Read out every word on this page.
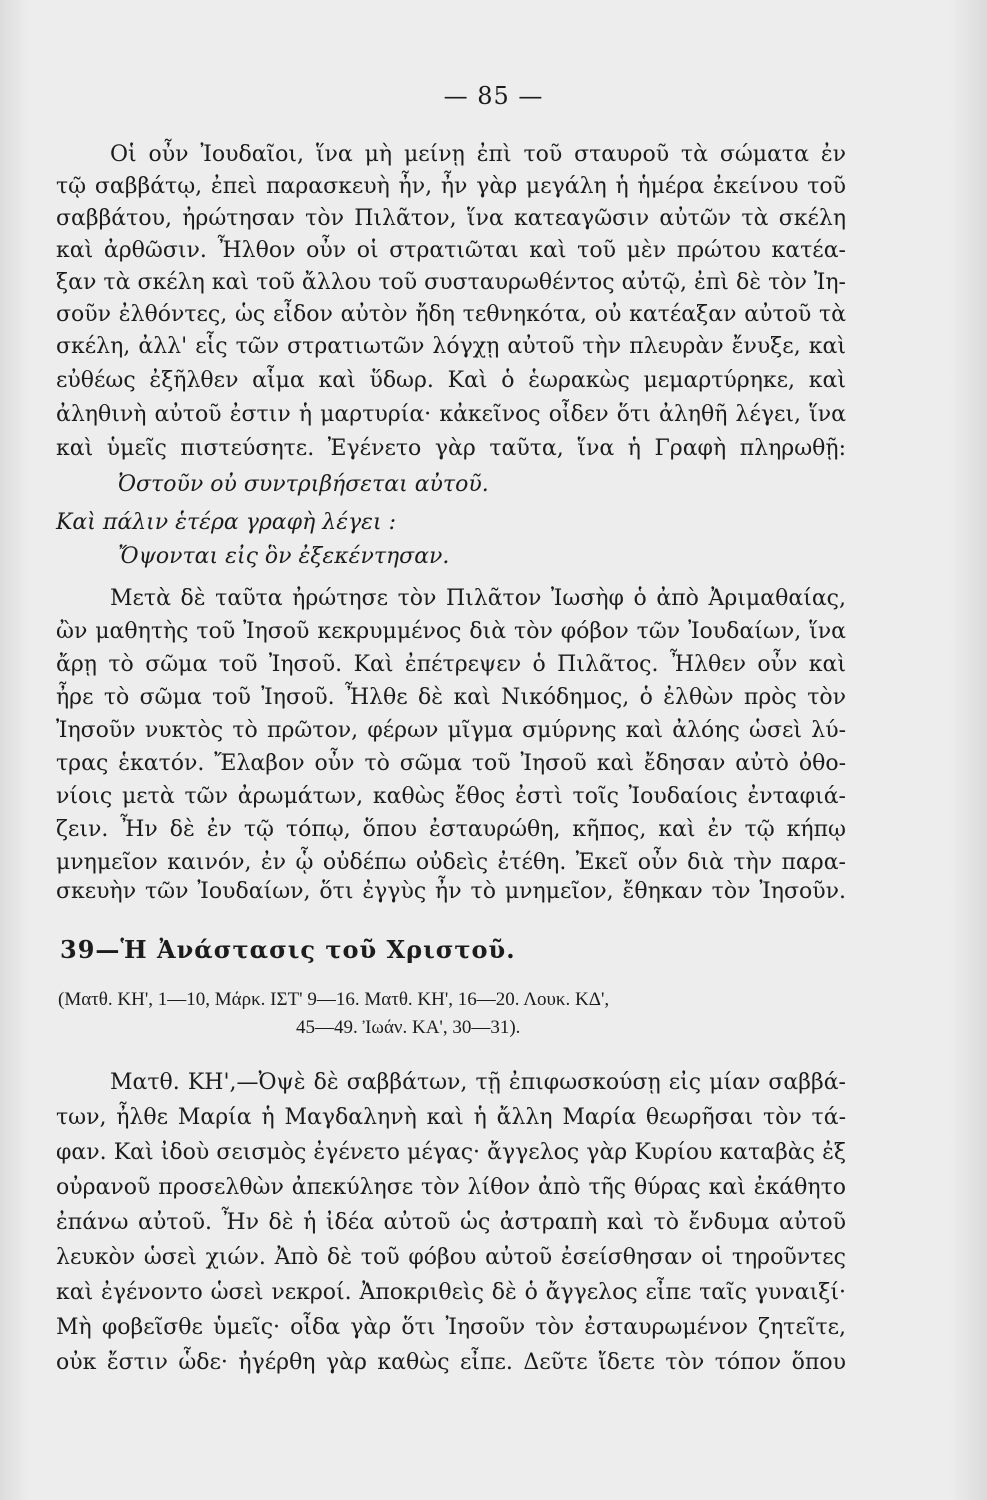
— 85 —
Οἱ οὖν Ἰουδαῖοι, ἵνα μὴ μείνῃ ἐπὶ τοῦ σταυροῦ τὰ σώματα ἐν
τῷ σαββάτῳ, ἐπεὶ παρασκευὴ ἦν, ἦν γὰρ μεγάλη ἡ ἡμέρα ἐκείνου τοῦ
σαββάτου, ἠρώτησαν τὸν Πιλᾶτον, ἵνα κατεαγῶσιν αὐτῶν τὰ σκέλη
καὶ ἀρθῶσιν. Ἦλθον οὖν οἱ στρατιῶται καὶ τοῦ μὲν πρώτου κατέα-
ξαν τὰ σκέλη καὶ τοῦ ἄλλου τοῦ συσταυρωθέντος αὐτῷ, ἐπὶ δὲ τὸν Ἰη-
σοῦν ἐλθόντες, ὡς εἶδον αὐτὸν ἤδη τεθνηκότα, οὐ κατέαξαν αὐτοῦ τὰ
σκέλη, ἀλλ' εἷς τῶν στρατιωτῶν λόγχῃ αὐτοῦ τὴν πλευρὰν ἔνυξε, καὶ
εὐθέως ἐξῆλθεν αἷμα καὶ ὕδωρ. Καὶ ὁ ἑωρακὼς μεμαρτύρηκε, καὶ
ἀληθινὴ αὐτοῦ ἐστιν ἡ μαρτυρία· κἀκεῖνος οἶδεν ὅτι ἀληθῆ λέγει, ἵνα
καὶ ὑμεῖς πιστεύσητε. Ἐγένετο γὰρ ταῦτα, ἵνα ἡ Γραφὴ πληρωθῇ:
Ὀστοῦν οὐ συντριβήσεται αὐτοῦ.
Καὶ πάλιν ἑτέρα γραφὴ λέγει :
Ὄψονται εἰς ὃν ἐξεκέντησαν.
Μετὰ δὲ ταῦτα ἠρώτησε τὸν Πιλᾶτον Ἰωσὴφ ὁ ἀπὸ Ἀριμαθαίας,
ὢν μαθητὴς τοῦ Ἰησοῦ κεκρυμμένος διὰ τὸν φόβον τῶν Ἰουδαίων, ἵνα
ἄρῃ τὸ σῶμα τοῦ Ἰησοῦ. Καὶ ἐπέτρεψεν ὁ Πιλᾶτος. Ἦλθεν οὖν καὶ
ἦρε τὸ σῶμα τοῦ Ἰησοῦ. Ἦλθε δὲ καὶ Νικόδημος, ὁ ἐλθὼν πρὸς τὸν
Ἰησοῦν νυκτὸς τὸ πρῶτον, φέρων μῖγμα σμύρνης καὶ ἀλόης ὡσεὶ λύ-
τρας ἑκατόν. Ἔλαβον οὖν τὸ σῶμα τοῦ Ἰησοῦ καὶ ἔδησαν αὐτὸ ὀθο-
νίοις μετὰ τῶν ἀρωμάτων, καθὼς ἔθος ἐστὶ τοῖς Ἰουδαίοις ἐνταφιά-
ζειν. Ἦν δὲ ἐν τῷ τόπῳ, ὅπου ἐσταυρώθη, κῆπος, καὶ ἐν τῷ κήπῳ
μνημεῖον καινόν, ἐν ᾧ οὐδέπω οὐδεὶς ἐτέθη. Ἐκεῖ οὖν διὰ τὴν παρα-
σκευὴν τῶν Ἰουδαίων, ὅτι ἐγγὺς ἦν τὸ μνημεῖον, ἔθηκαν τὸν Ἰησοῦν.
39—Ἡ Ἀνάστασις τοῦ Χριστοῦ.
(Ματθ. ΚΗ', 1—10, Μάρκ. ΙΣΤ' 9—16. Ματθ. ΚΗ', 16—20. Λουκ. ΚΔ',
45—49. Ἰωάν. ΚΑ', 30—31).
Ματθ. ΚΗ',—Ὀψὲ δὲ σαββάτων, τῇ ἐπιφωσκούσῃ εἰς μίαν σαββά-
των, ἦλθε Μαρία ἡ Μαγδαληνὴ καὶ ἡ ἄλλη Μαρία θεωρῆσαι τὸν τά-
φαν. Καὶ ἰδοὺ σεισμὸς ἐγένετο μέγας· ἄγγελος γὰρ Κυρίου καταβὰς ἐξ
οὐρανοῦ προσελθὼν ἀπεκύλησε τὸν λίθον ἀπὸ τῆς θύρας καὶ ἐκάθητο
ἐπάνω αὐτοῦ. Ἦν δὲ ἡ ἰδέα αὐτοῦ ὡς ἀστραπὴ καὶ τὸ ἔνδυμα αὐτοῦ
λευκὸν ὡσεὶ χιών. Ἀπὸ δὲ τοῦ φόβου αὐτοῦ ἐσείσθησαν οἱ τηροῦντες
καὶ ἐγένοντο ὡσεὶ νεκροί. Ἀποκριθεὶς δὲ ὁ ἄγγελος εἶπε ταῖς γυναιξί·
Μὴ φοβεῖσθε ὑμεῖς· οἶδα γὰρ ὅτι Ἰησοῦν τὸν ἐσταυρωμένον ζητεῖτε,
οὐκ ἔστιν ὧδε· ἠγέρθη γὰρ καθὼς εἶπε. Δεῦτε ἴδετε τὸν τόπον ὅπου
